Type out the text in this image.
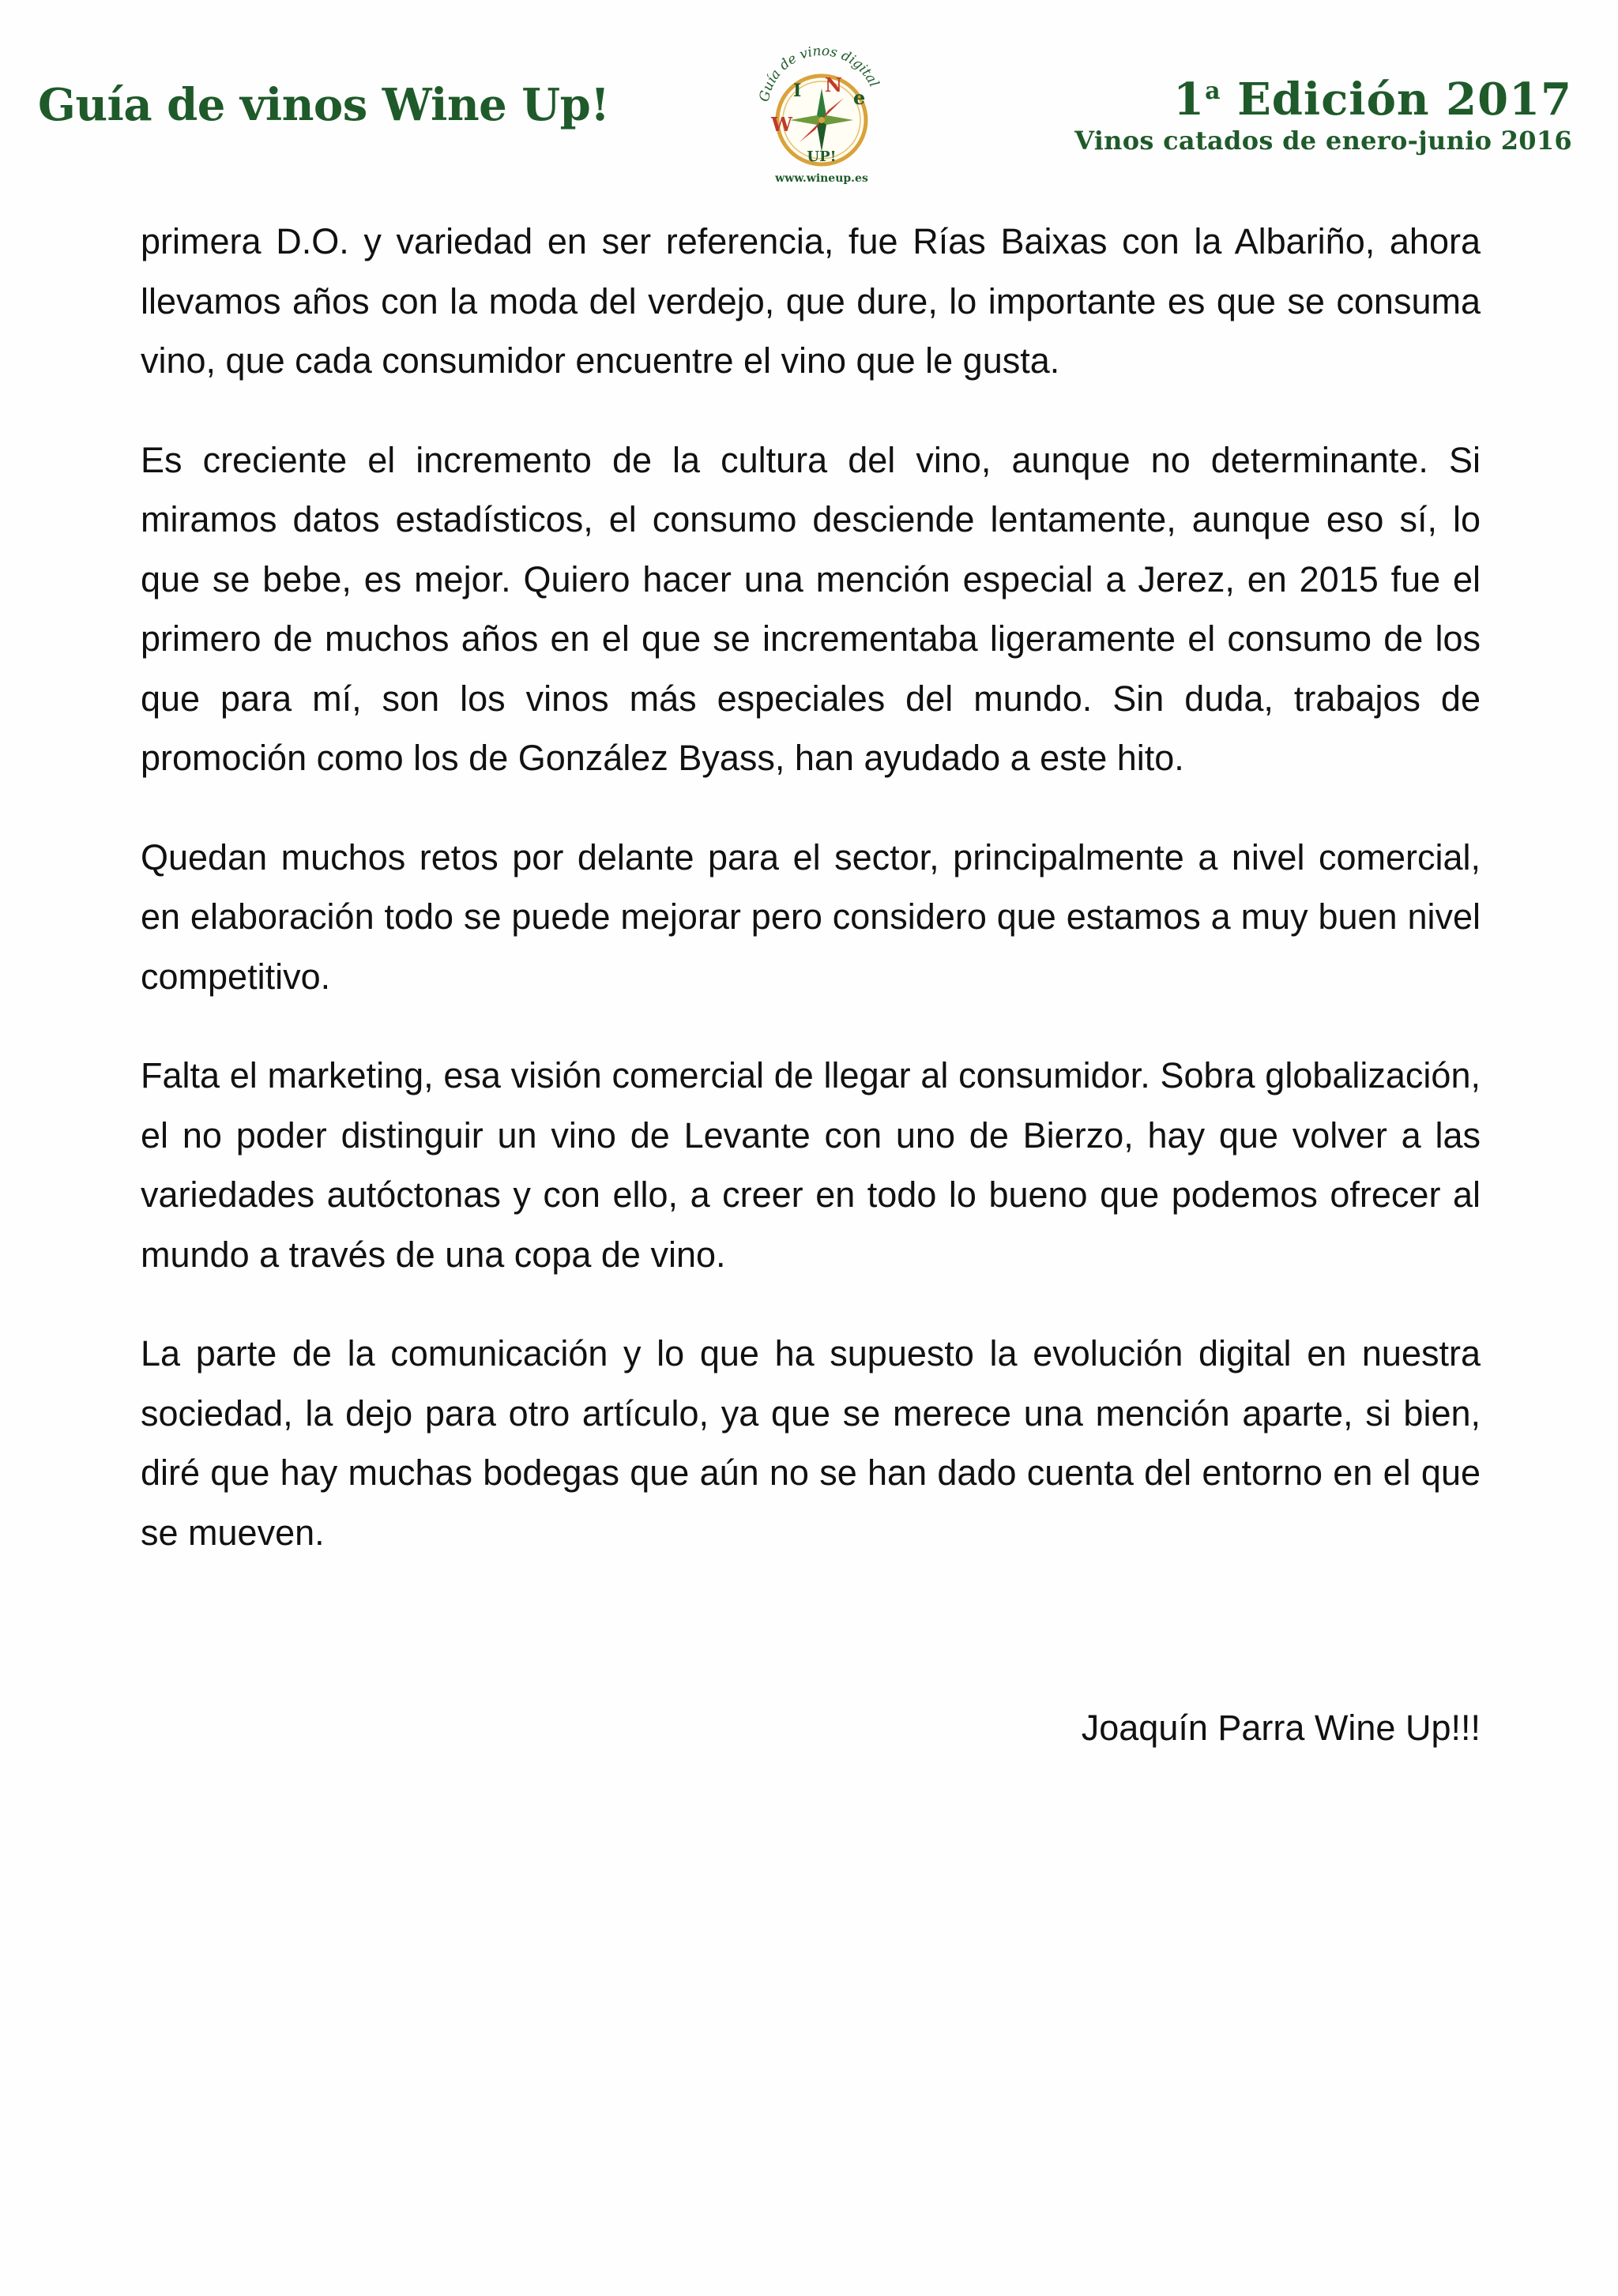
Guía de vinos Wine Up!	Guía de vinos digital
W
I N
e
UP!
www.wineup.es
1$^a$ Edición 2017
Vinos catados de enero-junio 2016

primera D.O. y variedad en ser referencia, fue Rías Baixas con la Albariño, ahora llevamos años con la moda del verdejo, que dure, lo importante es que se consuma vino, que cada consumidor encuentre el vino que le gusta.

Es creciente el incremento de la cultura del vino, aunque no determinante. Si miramos datos estadísticos, el consumo desciende lentamente, aunque eso sí, lo que se bebe, es mejor. Quiero hacer una mención especial a Jerez, en 2015 fue el primero de muchos años en el que se incrementaba ligeramente el consumo de los que para mí, son los vinos más especiales del mundo. Sin duda, trabajos de promoción como los de González Byass, han ayudado a este hito.

Quedan muchos retos por delante para el sector, principalmente a nivel comercial, en elaboración todo se puede mejorar pero considero que estamos a muy buen nivel competitivo.

Falta el marketing, esa visión comercial de llegar al consumidor. Sobra globalización, el no poder distinguir un vino de Levante con uno de Bierzo, hay que volver a las variedades autóctonas y con ello, a creer en todo lo bueno que podemos ofrecer al mundo a través de una copa de vino.

La parte de la comunicación y lo que ha supuesto la evolución digital en nuestra sociedad, la dejo para otro artículo, ya que se merece una mención aparte, si bien, diré que hay muchas bodegas que aún no se han dado cuenta del entorno en el que se mueven.

Joaquín Parra Wine Up!!!
